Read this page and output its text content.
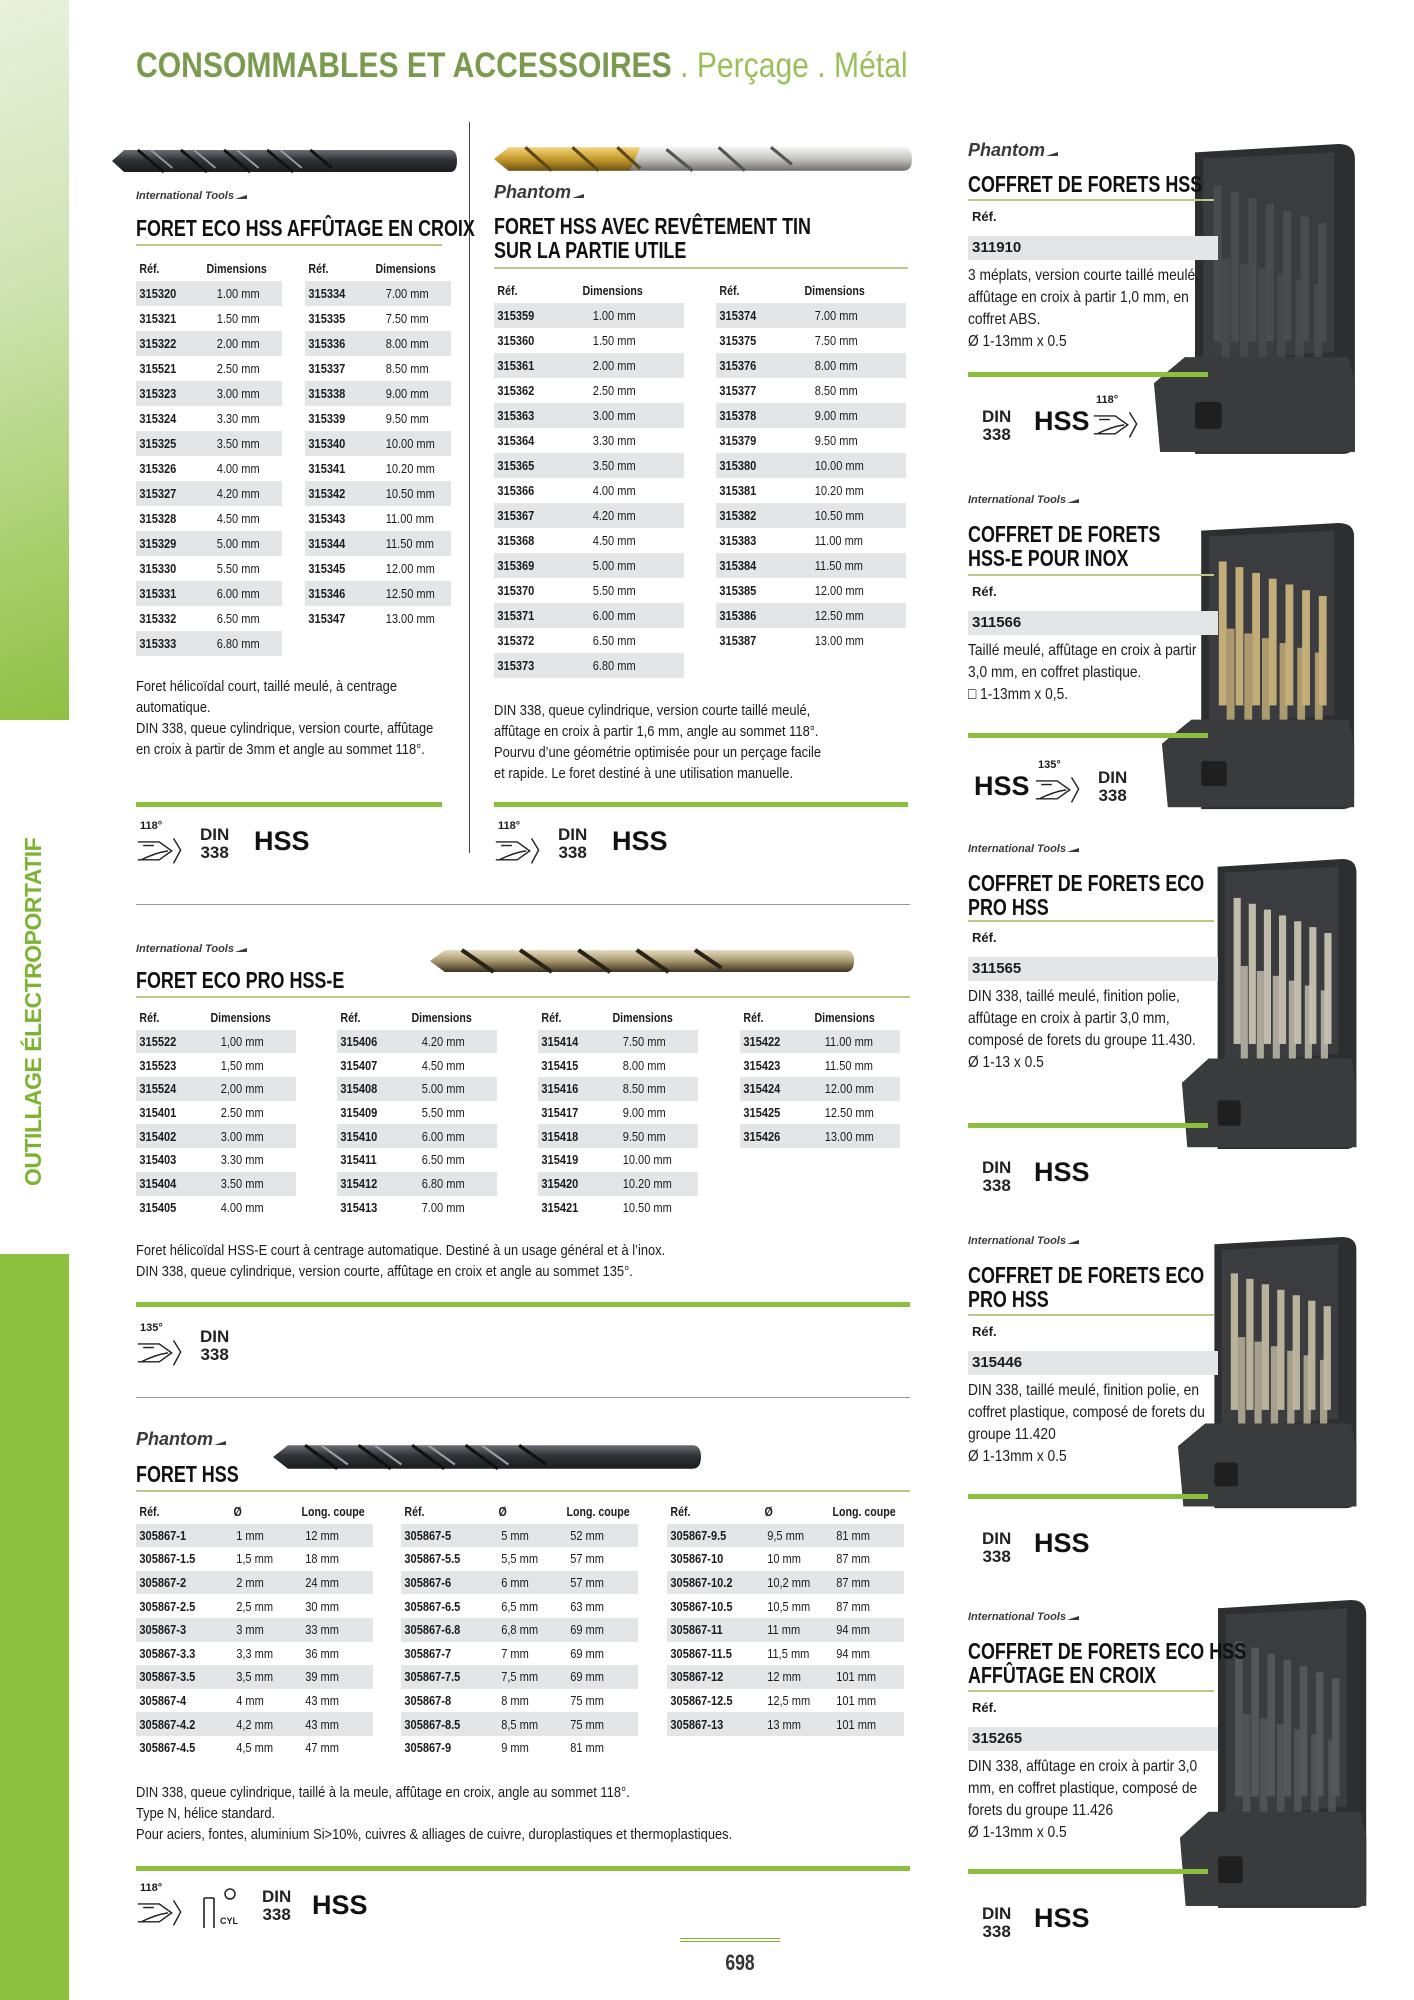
OUTILLAGE ÉLECTROPORTATIF
CONSOMMABLES ET ACCESSOIRES . Perçage . Métal
698
International Tools
FORET ECO HSS AFFÛTAGE EN CROIX
Réf.	Dimensions
315320	1.00 mm
315321	1.50 mm
315322	2.00 mm
315521	2.50 mm
315323	3.00 mm
315324	3.30 mm
315325	3.50 mm
315326	4.00 mm
315327	4.20 mm
315328	4.50 mm
315329	5.00 mm
315330	5.50 mm
315331	6.00 mm
315332	6.50 mm
315333	6.80 mm
Réf.	Dimensions
315334	7.00 mm
315335	7.50 mm
315336	8.00 mm
315337	8.50 mm
315338	9.00 mm
315339	9.50 mm
315340	10.00 mm
315341	10.20 mm
315342	10.50 mm
315343	11.00 mm
315344	11.50 mm
315345	12.00 mm
315346	12.50 mm
315347	13.00 mm

Foret hélicoïdal court, taillé meulé, à centrage automatique.

DIN 338, queue cylindrique, version courte, affûtage en croix à partir de 3mm et angle au sommet 118°.

118° DIN
338 HSS
Phantom
FORET HSS AVEC REVÊTEMENT TIN
SUR LA PARTIE UTILE
Réf.	Dimensions
315359	1.00 mm
315360	1.50 mm
315361	2.00 mm
315362	2.50 mm
315363	3.00 mm
315364	3.30 mm
315365	3.50 mm
315366	4.00 mm
315367	4.20 mm
315368	4.50 mm
315369	5.00 mm
315370	5.50 mm
315371	6.00 mm
315372	6.50 mm
315373	6.80 mm
Réf.	Dimensions
315374	7.00 mm
315375	7.50 mm
315376	8.00 mm
315377	8.50 mm
315378	9.00 mm
315379	9.50 mm
315380	10.00 mm
315381	10.20 mm
315382	10.50 mm
315383	11.00 mm
315384	11.50 mm
315385	12.00 mm
315386	12.50 mm
315387	13.00 mm

DIN 338, queue cylindrique, version courte taillé meulé, affûtage en croix à partir 1,6 mm, angle au sommet 118°. Pourvu d’une géométrie optimisée pour un perçage facile et rapide. Le foret destiné à une utilisation manuelle.

118° DIN
338 HSS
International Tools
FORET ECO PRO HSS-E
Réf.	Dimensions
315522	1,00 mm
315523	1,50 mm
315524	2,00 mm
315401	2.50 mm
315402	3.00 mm
315403	3.30 mm
315404	3.50 mm
315405	4.00 mm
Réf.	Dimensions
315406	4.20 mm
315407	4.50 mm
315408	5.00 mm
315409	5.50 mm
315410	6.00 mm
315411	6.50 mm
315412	6.80 mm
315413	7.00 mm
Réf.	Dimensions
315414	7.50 mm
315415	8.00 mm
315416	8.50 mm
315417	9.00 mm
315418	9.50 mm
315419	10.00 mm
315420	10.20 mm
315421	10.50 mm
Réf.	Dimensions
315422	11.00 mm
315423	11.50 mm
315424	12.00 mm
315425	12.50 mm
315426	13.00 mm

Foret hélicoïdal HSS-E court à centrage automatique. Destiné à un usage général et à l’inox.

DIN 338, queue cylindrique, version courte, affûtage en croix et angle au sommet 135°.

135° DIN
338
Phantom
FORET HSS
Réf.	Ø	Long. coupe
305867-1	1 mm	12 mm
305867-1.5	1,5 mm	18 mm
305867-2	2 mm	24 mm
305867-2.5	2,5 mm	30 mm
305867-3	3 mm	33 mm
305867-3.3	3,3 mm	36 mm
305867-3.5	3,5 mm	39 mm
305867-4	4 mm	43 mm
305867-4.2	4,2 mm	43 mm
305867-4.5	4,5 mm	47 mm
Réf.	Ø	Long. coupe
305867-5	5 mm	52 mm
305867-5.5	5,5 mm	57 mm
305867-6	6 mm	57 mm
305867-6.5	6,5 mm	63 mm
305867-6.8	6,8 mm	69 mm
305867-7	7 mm	69 mm
305867-7.5	7,5 mm	69 mm
305867-8	8 mm	75 mm
305867-8.5	8,5 mm	75 mm
305867-9	9 mm	81 mm
Réf.	Ø	Long. coupe
305867-9.5	9,5 mm	81 mm
305867-10	10 mm	87 mm
305867-10.2	10,2 mm	87 mm
305867-10.5	10,5 mm	87 mm
305867-11	11 mm	94 mm
305867-11.5	11,5 mm	94 mm
305867-12	12 mm	101 mm
305867-12.5	12,5 mm	101 mm
305867-13	13 mm	101 mm

DIN 338, queue cylindrique, taillé à la meule, affûtage en croix, angle au sommet 118°.

Type N, hélice standard.

Pour aciers, fontes, aluminium Si>10%, cuivres & alliages de cuivre, duroplastiques et thermoplastiques.

118°
CYL
DIN
338 HSS
Phantom
COFFRET DE FORETS HSS
Réf.
311910

3 méplats, version courte taillé meulé, affûtage en croix à partir 1,0 mm, en coffret ABS.

Ø 1-13mm x 0.5

DIN
338 HSS
118°
International Tools
COFFRET DE FORETS
HSS-E POUR INOX
Réf.
311566

Taillé meulé, affûtage en croix à partir 3,0 mm, en coffret plastique.

□ 1-13mm x 0,5.

HSS
135°
DIN
338
International Tools
COFFRET DE FORETS ECO
PRO HSS
Réf.
311565

DIN 338, taillé meulé, finition polie, affûtage en croix à partir 3,0 mm, composé de forets du groupe 11.430.

Ø 1-13 x 0.5

DIN
338 HSS
International Tools
COFFRET DE FORETS ECO
PRO HSS
Réf.
315446

DIN 338, taillé meulé, finition polie, en coffret plastique, composé de forets du groupe 11.420

Ø 1-13mm x 0.5

DIN
338 HSS
International Tools
COFFRET DE FORETS ECO HSS
AFFÛTAGE EN CROIX
Réf.
315265

DIN 338, affûtage en croix à partir 3,0 mm, en coffret plastique, composé de forets du groupe 11.426

Ø 1-13mm x 0.5

DIN
338 HSS
